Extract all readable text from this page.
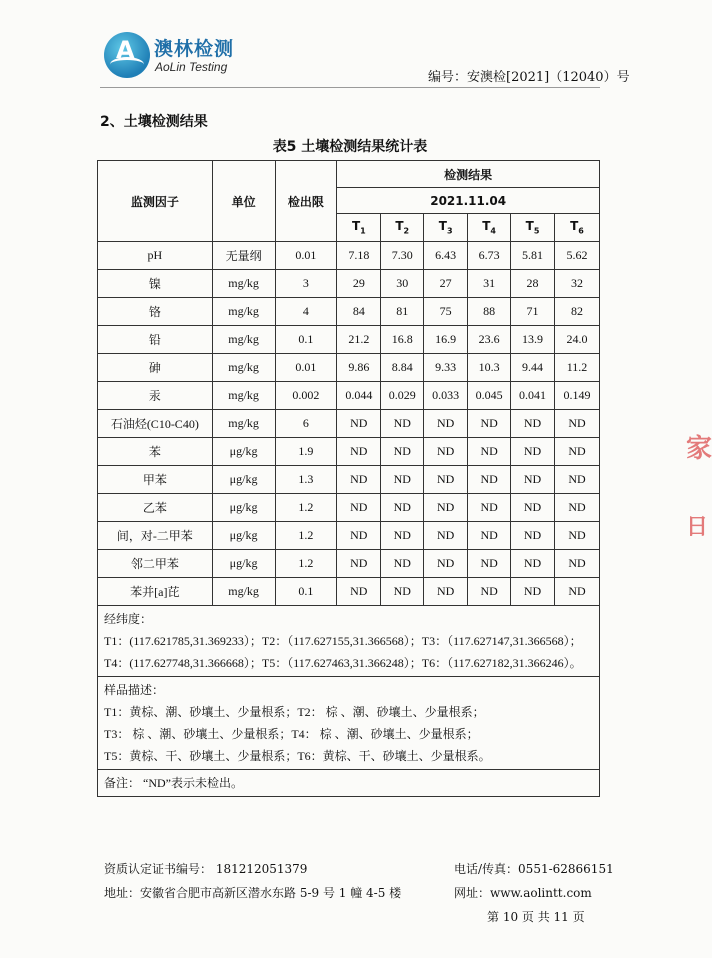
A 澳林检测
AoLin Testing
编号：安澳检[2021]（12040）号
2、土壤检测结果
表5 土壤检测结果统计表
监测因子	单位	检出限	检测结果					
			2021.11.04					
			$T_1$	$T_2$	$T_3$	$T_4$	$T_5$	$T_6$
pH	无量纲	0.01	7.18	7.30	6.43	6.73	5.81	5.62
镍	mg/kg	3	29	30	27	31	28	32
铬	mg/kg	4	84	81	75	88	71	82
铅	mg/kg	0.1	21.2	16.8	16.9	23.6	13.9	24.0
砷	mg/kg	0.01	9.86	8.84	9.33	10.3	9.44	11.2
汞	mg/kg	0.002	0.044	0.029	0.033	0.045	0.041	0.149
石油烃(C10-C40)	mg/kg	6	ND	ND	ND	ND	ND	ND
苯	μg/kg	1.9	ND	ND	ND	ND	ND	ND
甲苯	μg/kg	1.3	ND	ND	ND	ND	ND	ND
乙苯	μg/kg	1.2	ND	ND	ND	ND	ND	ND
间，对-二甲苯	μg/kg	1.2	ND	ND	ND	ND	ND	ND
邻二甲苯	μg/kg	1.2	ND	ND	ND	ND	ND	ND
苯并[a]芘	mg/kg	0.1	ND	ND	ND	ND	ND	ND

经纬度：
T1：(117.621785,31.369233）；T2：（117.627155,31.366568）；T3：（117.627147,31.366568）；
T4：(117.627748,31.366668）；T5：（117.627463,31.366248）；T6：（117.627182,31.366246）。								

样品描述：
T1：黄棕、潮、砂壤土、少量根系；T2： 棕 、潮、砂壤土、少量根系；
T3： 棕 、潮、砂壤土、少量根系；T4： 棕 、潮、砂壤土、少量根系；
T5：黄棕、干、砂壤土、少量根系；T6：黄棕、干、砂壤土、少量根系。								

备注： “ND”表示未检出。								
资质认定证书编号： 181212051379
地址：安徽省合肥市高新区潜水东路 5-9 号 1 幢 4-5 楼
电话/传真：0551-62866151
网址：www.aolintt.com
第 10 页 共 11 页
家
日
